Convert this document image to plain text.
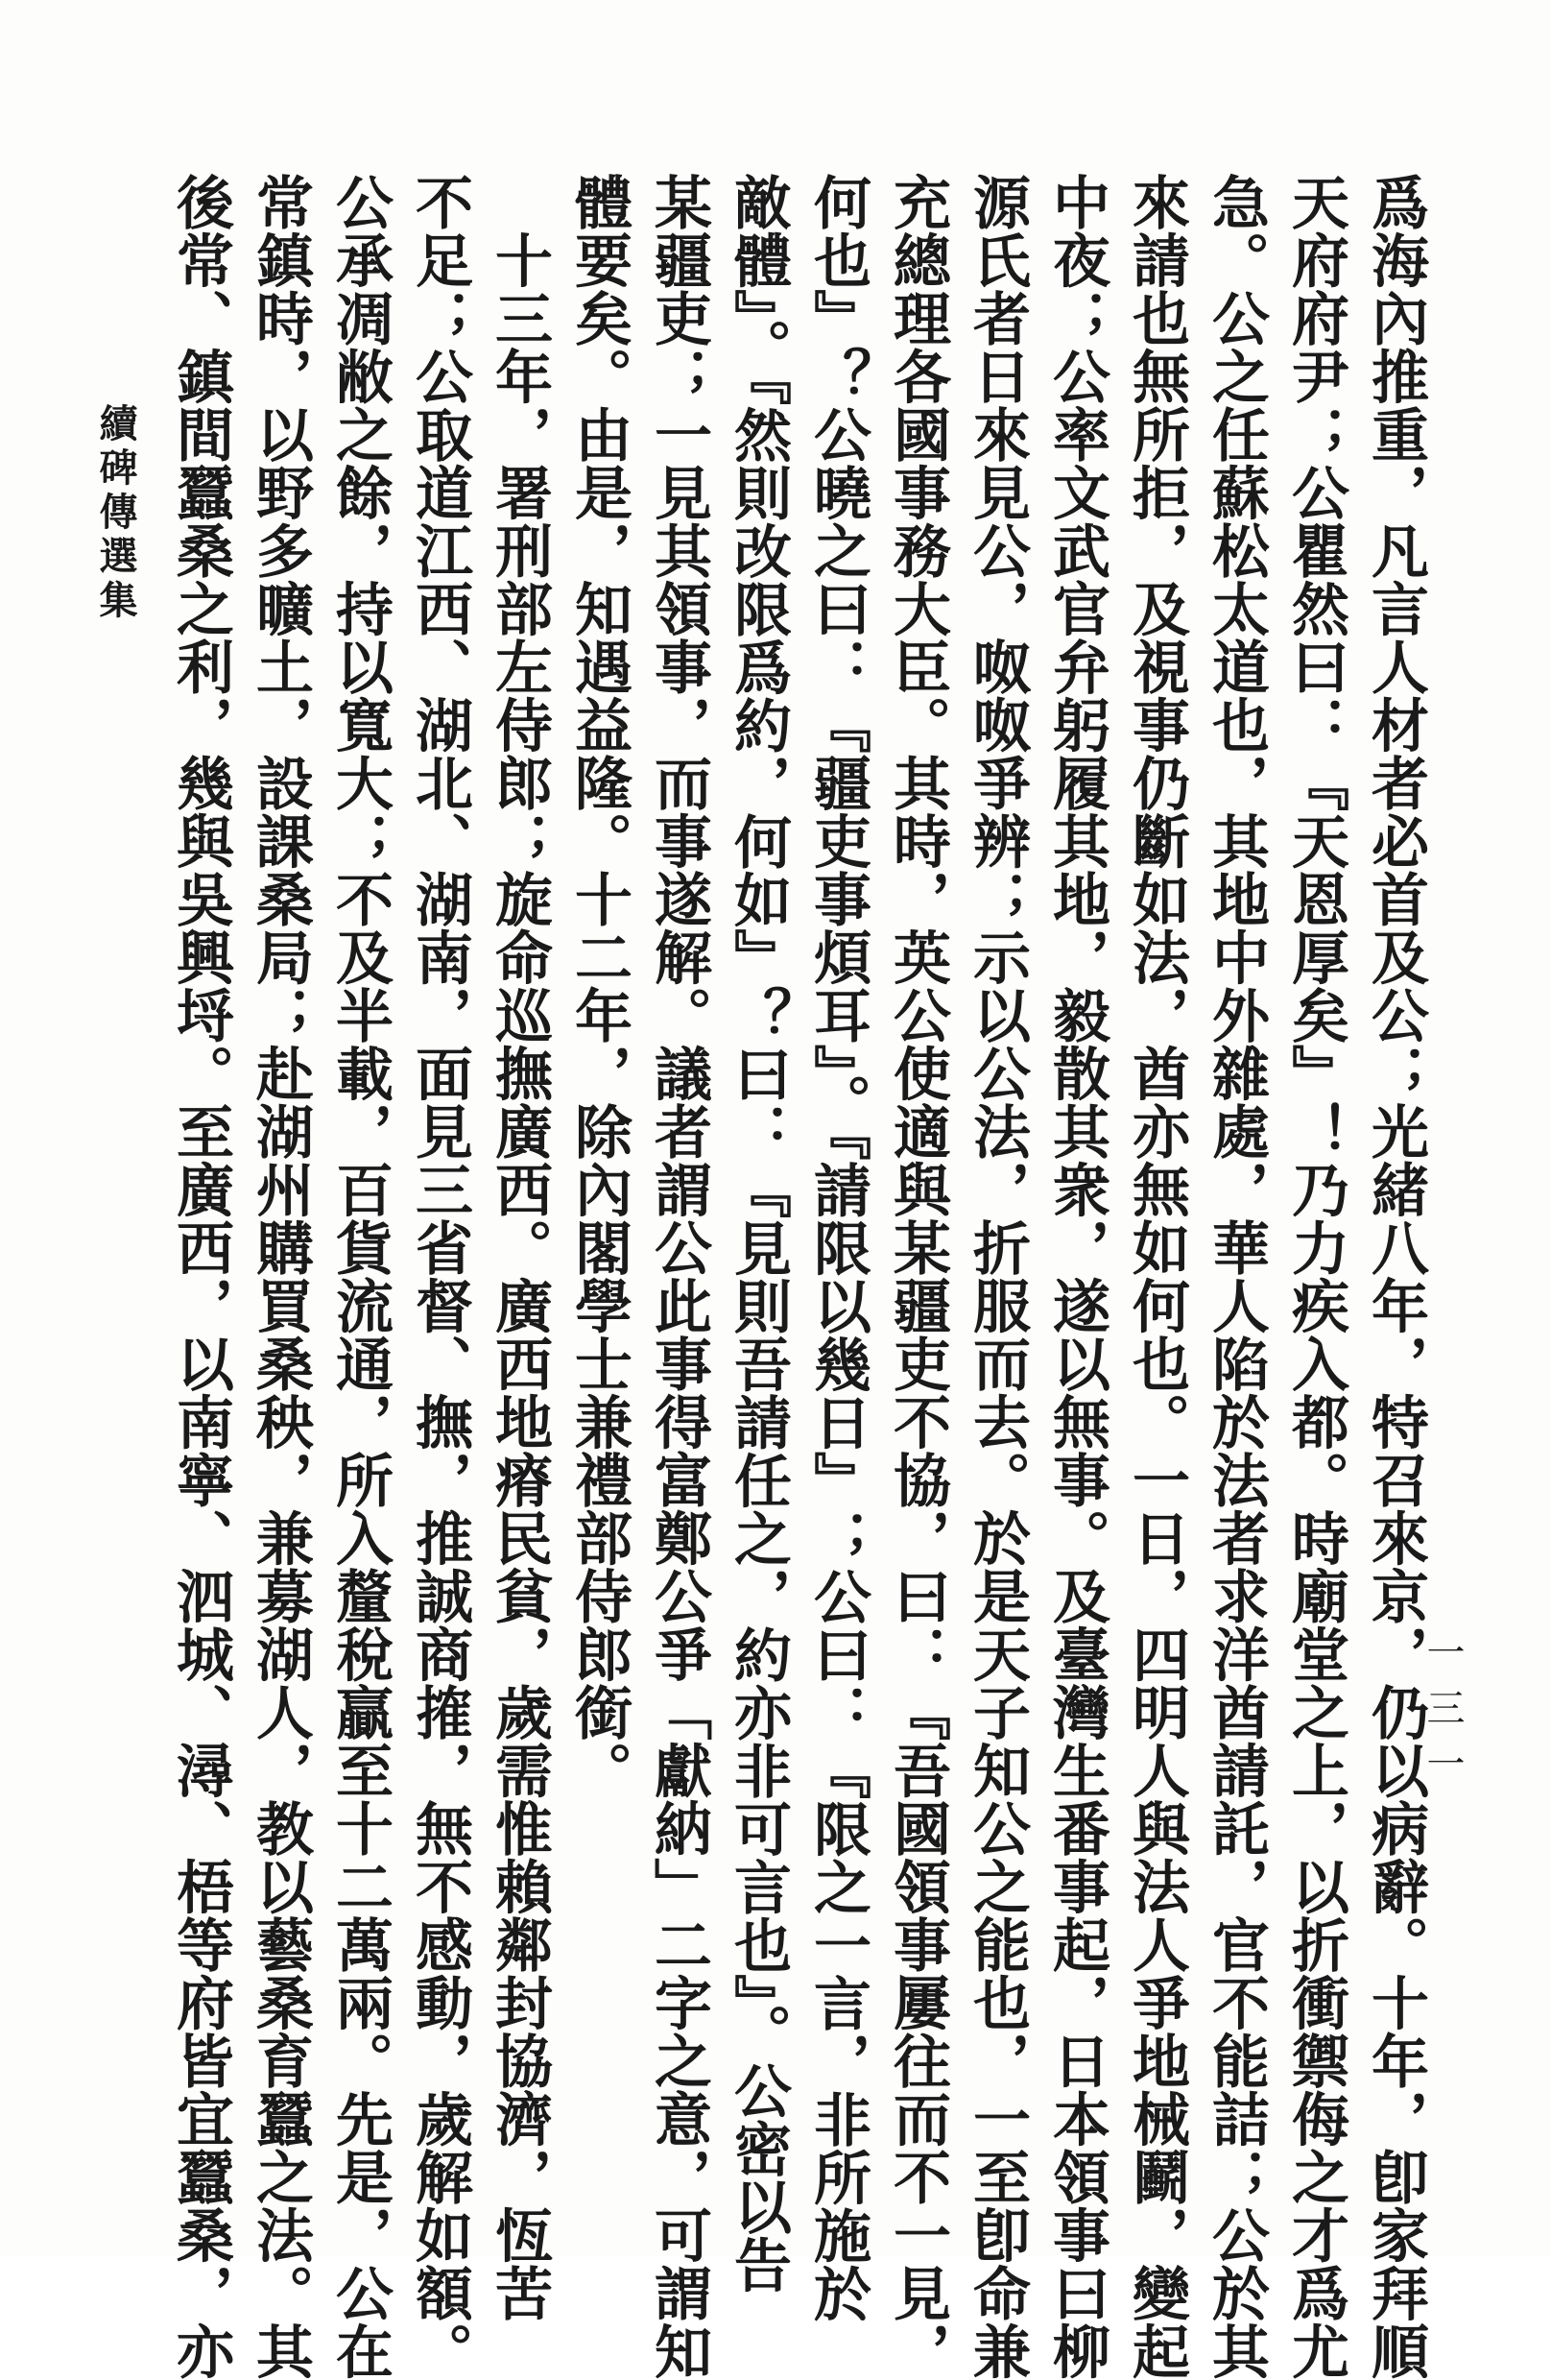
續碑傳選集	爲海內推重，凡言人材者必首及公；光緒八年，特召來京，仍以病辭。十年，卽家拜順

天府府尹；公瞿然曰：『天恩厚矣』！乃力疾入都。時廟堂之上，以折衝禦侮之才爲尤

急。公之任蘇松太道也，其地中外雜處，華人陷於法者求洋酋請託，官不能詰；公於其

來請也無所拒，及視事仍斷如法，酋亦無如何也。一日，四明人與法人爭地械鬬，變起

中夜；公率文武官弁躬履其地，毅散其衆，遂以無事。及臺灣生番事起，日本領事曰柳

源氏者日來見公，呶呶爭辨；示以公法，折服而去。於是天子知公之能也，一至卽命兼

充總理各國事務大臣。其時，英公使適與某疆吏不協，曰：『吾國領事屢往而不一見，

何也』？公曉之曰：『疆吏事煩耳』。『請限以幾日』；公曰：『限之一言，非所施於

敵體』。『然則改限爲約，何如』？曰：『見則吾請任之，約亦非可言也』。公密以告

某疆吏；一見其領事，而事遂解。議者謂公此事得富鄭公爭「獻納」二字之意，可謂知

體要矣。由是，知遇益隆。十二年，除內閣學士兼禮部侍郎銜。

　十三年，署刑部左侍郎；旋命巡撫廣西。廣西地瘠民貧，歲需惟賴鄰封協濟，恆苦

不足；公取道江西、湖北、湖南，面見三省督、撫，推誠商搉，無不感動，歲解如額。

公承凋敝之餘，持以寬大；不及半載，百貨流通，所入釐稅贏至十二萬兩。先是，公在

常鎮時，以野多曠土，設課桑局；赴湖州購買桑秧，兼募湖人，教以藝桑育蠶之法。其

後常、鎮間蠶桑之利，幾與吳興埒。至廣西，以南寧、泗城、潯、梧等府皆宜蠶桑，亦	一三一
